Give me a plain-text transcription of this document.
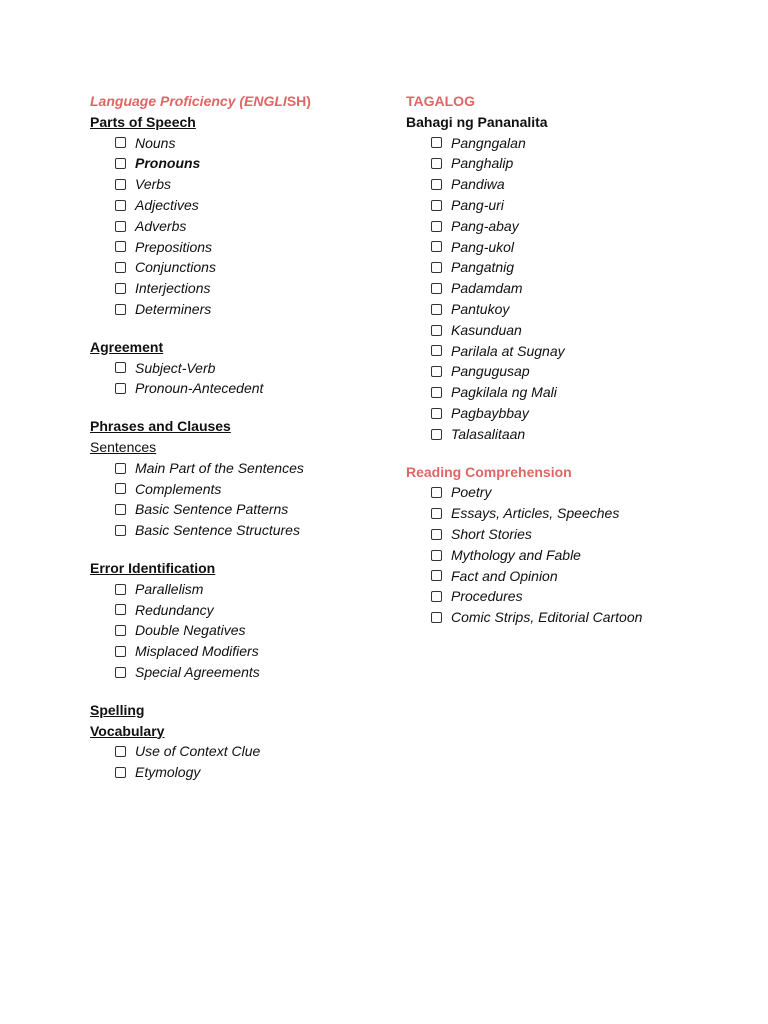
Language Proficiency (ENGLISH)
Parts of Speech
Nouns
Pronouns
Verbs
Adjectives
Adverbs
Prepositions
Conjunctions
Interjections
Determiners
Agreement
Subject-Verb
Pronoun-Antecedent
Phrases and Clauses
Sentences
Main Part of the Sentences
Complements
Basic Sentence Patterns
Basic Sentence Structures
Error Identification
Parallelism
Redundancy
Double Negatives
Misplaced Modifiers
Special Agreements
Spelling
Vocabulary
Use of Context Clue
Etymology
TAGALOG
Bahagi ng Pananalita
Pangngalan
Panghalip
Pandiwa
Pang-uri
Pang-abay
Pang-ukol
Pangatnig
Padamdam
Pantukoy
Kasunduan
Parilala at Sugnay
Pangugusap
Pagkilala ng Mali
Pagbaybbay
Talasalitaan
Reading Comprehension
Poetry
Essays, Articles, Speeches
Short Stories
Mythology and Fable
Fact and Opinion
Procedures
Comic Strips, Editorial Cartoon
